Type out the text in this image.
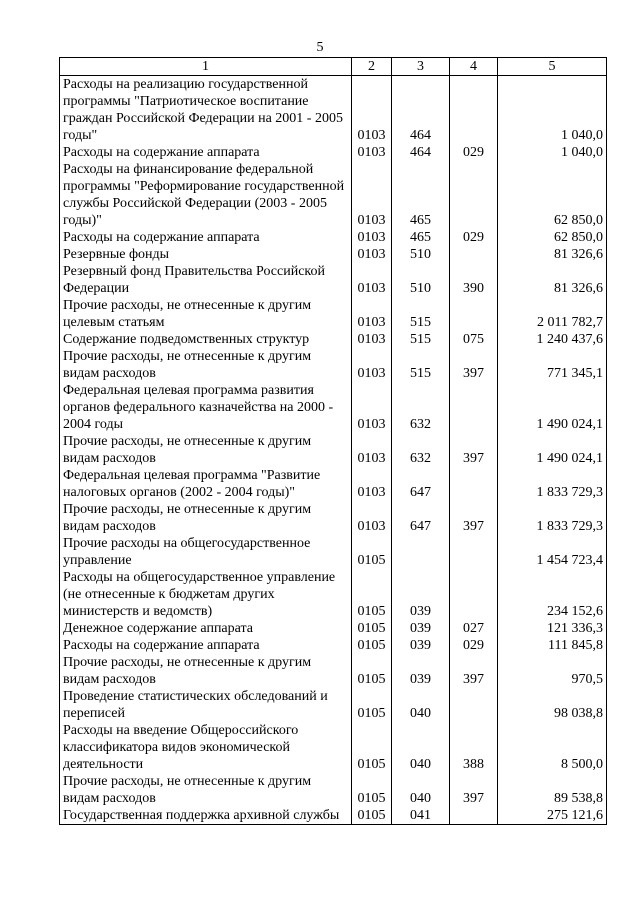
5
1	2	3	4	5
Расходы на реализацию государственной программы "Патриотическое воспитание граждан Российской Федерации на 2001 - 2005 годы"	0103	464		1 040,0
Расходы на содержание аппарата	0103	464	029	1 040,0
Расходы на финансирование федеральной программы "Реформирование государственной службы Российской Федерации (2003 - 2005 годы)"	0103	465		62 850,0
Расходы на содержание аппарата	0103	465	029	62 850,0
Резервные фонды	0103	510		81 326,6
Резервный фонд Правительства Российской Федерации	0103	510	390	81 326,6
Прочие расходы, не отнесенные к другим целевым статьям	0103	515		2 011 782,7
Содержание подведомственных структур	0103	515	075	1 240 437,6
Прочие расходы, не отнесенные к другим видам расходов	0103	515	397	771 345,1
Федеральная целевая программа развития органов федерального казначейства на 2000 - 2004 годы	0103	632		1 490 024,1
Прочие расходы, не отнесенные к другим видам расходов	0103	632	397	1 490 024,1
Федеральная целевая программа "Развитие налоговых органов (2002 - 2004 годы)"	0103	647		1 833 729,3
Прочие расходы, не отнесенные к другим видам расходов	0103	647	397	1 833 729,3
Прочие расходы на общегосударственное управление	0105			1 454 723,4
Расходы на общегосударственное управление (не отнесенные к бюджетам других министерств и ведомств)	0105	039		234 152,6
Денежное содержание аппарата	0105	039	027	121 336,3
Расходы на содержание аппарата	0105	039	029	111 845,8
Прочие расходы, не отнесенные к другим видам расходов	0105	039	397	970,5
Проведение статистических обследований и переписей	0105	040		98 038,8
Расходы на введение Общероссийского классификатора видов экономической деятельности	0105	040	388	8 500,0
Прочие расходы, не отнесенные к другим видам расходов	0105	040	397	89 538,8
Государственная поддержка архивной службы	0105	041		275 121,6
